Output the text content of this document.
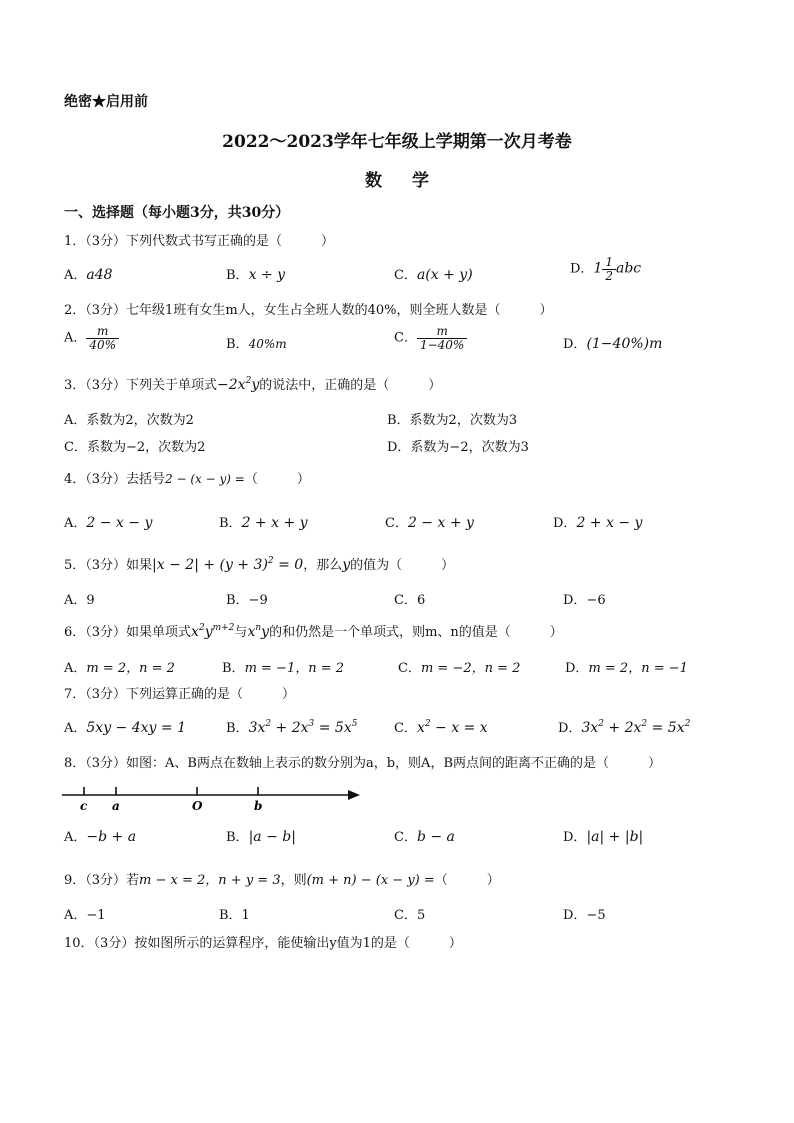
绝密★启用前
2022～2023学年七年级上学期第一次月考卷
数学
一、选择题（每小题3分，共30分）
1．（3分）下列代数式书写正确的是（　　　）
A．a48	B．x ÷ y	C．a(x + y)	D．$1 \frac{1}{2}$ abc
2．（3分）七年级1班有女生m人，女生占全班人数的40%，则全班人数是（　　　）
A． $\frac{m}{40\%}$	B．40%m	C． $\frac{m}{1-40\%}$	D．(1−40%)m
3．（3分）下列关于单项式$-2x^2y$的说法中，正确的是（　　　）
A．系数为2，次数为2	B．系数为2，次数为3
C．系数为−2，次数为2	D．系数为−2，次数为3
4．（3分）去括号2 − (x − y) =（　　　）
A．2 − x − y	B．2 + x + y	C．2 − x + y	D．2 + x − y
5．（3分）如果$|x - 2| + (y + 3)^2 = 0$，那么y的值为（　　　）
A．9	B．−9	C．6	D．−6
6．（3分）如果单项式$x^2y^{m+2}$与$x^ny$的和仍然是一个单项式，则m、n的值是（　　　）
A．m = 2，n = 2	B．m = −1，n = 2	C．m = −2，n = 2	D．m = 2，n = −1
7．（3分）下列运算正确的是（　　　）
A．5xy − 4xy = 1	B．$3x^2 + 2x^3 = 5x^5$	C．$x^2 - x = x$	D．$3x^2 + 2x^2 = 5x^2$
8．（3分）如图：A、B两点在数轴上表示的数分别为a，b，则A，B两点间的距离不正确的是（　　　）
c a	O	b
A．−b + a	B．|a − b|	C．b − a	D．|a| + |b|
9．（3分）若m − x = 2，n + y = 3，则(m + n) − (x − y) =（　　　）
A．−1	B．1	C．5	D．−5
10．（3分）按如图所示的运算程序，能使输出y值为1的是（　　　）
